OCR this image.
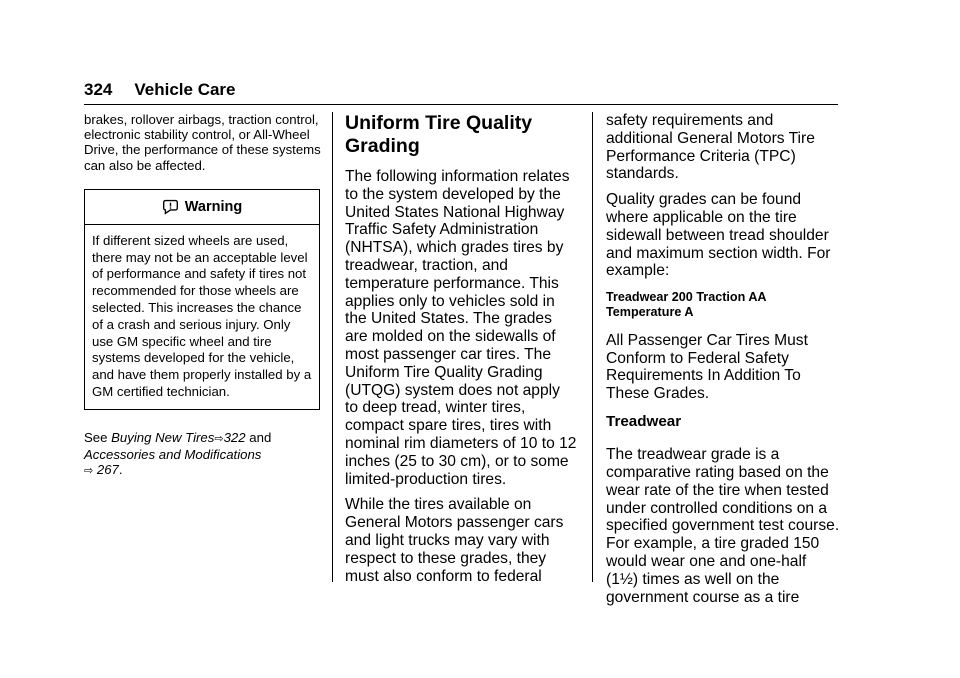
324 Vehicle Care

brakes, rollover airbags, traction control, electronic stability control, or All-Wheel Drive, the performance of these systems can also be affected.

Warning
If different sized wheels are used, there may not be an acceptable level of performance and safety if tires not recommended for those wheels are selected. This increases the chance of a crash and serious injury. Only use GM specific wheel and tire systems developed for the vehicle, and have them properly installed by a GM certified technician.

See Buying New Tires⇨322 and
Accessories and Modifications
⇨ 267.

Uniform Tire Quality Grading

The following information relates to the system developed by the United States National Highway Traffic Safety Administration (NHTSA), which grades tires by treadwear, traction, and temperature performance. This applies only to vehicles sold in the United States. The grades are molded on the sidewalls of most passenger car tires. The Uniform Tire Quality Grading (UTQG) system does not apply to deep tread, winter tires, compact spare tires, tires with nominal rim diameters of 10 to 12 inches (25 to 30 cm), or to some limited-production tires.

While the tires available on General Motors passenger cars and light trucks may vary with respect to these grades, they must also conform to federal

safety requirements and additional General Motors Tire Performance Criteria (TPC) standards.

Quality grades can be found where applicable on the tire sidewall between tread shoulder and maximum section width. For example:

Treadwear 200 Traction AA Temperature A

All Passenger Car Tires Must Conform to Federal Safety Requirements In Addition To These Grades.

Treadwear

The treadwear grade is a comparative rating based on the wear rate of the tire when tested under controlled conditions on a specified government test course. For example, a tire graded 150 would wear one and one-half (1½) times as well on the government course as a tire
